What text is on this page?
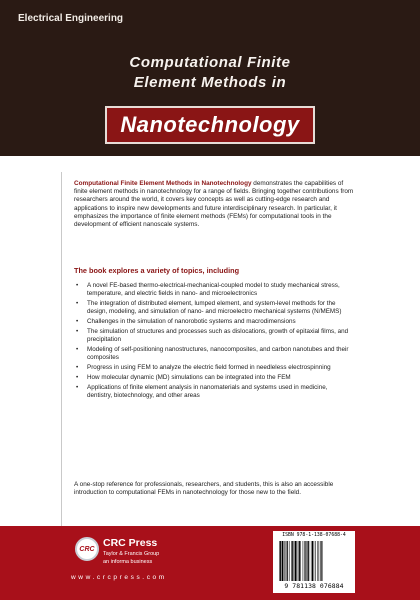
Electrical Engineering
Computational Finite
Element Methods in
Nanotechnology
Computational Finite Element Methods in Nanotechnology demonstrates the capabilities of finite element methods in nanotechnology for a range of fields. Bringing together contributions from researchers around the world, it covers key concepts as well as cutting-edge research and applications to inspire new developments and future interdisciplinary research. In particular, it emphasizes the importance of finite element methods (FEMs) for computational tools in the development of efficient nanoscale systems.
The book explores a variety of topics, including
• A novel FE-based thermo-electrical-mechanical-coupled model to study mechanical stress, temperature, and electric fields in nano- and microelectronics
• The integration of distributed element, lumped element, and system-level methods for the design, modeling, and simulation of nano- and microelectro mechanical systems (N/MEMS)
• Challenges in the simulation of nanorobotic systems and macrodimensions
• The simulation of structures and processes such as dislocations, growth of epitaxial films, and precipitation
• Modeling of self-positioning nanostructures, nanocomposites, and carbon nanotubes and their composites
• Progress in using FEM to analyze the electric field formed in needleless electrospinning
• How molecular dynamic (MD) simulations can be integrated into the FEM
• Applications of finite element analysis in nanomaterials and systems used in medicine, dentistry, biotechnology, and other areas
A one-stop reference for professionals, researchers, and students, this is also an accessible introduction to computational FEMs in nanotechnology for those new to the field.
CRC CRC Press
Taylor & Francis Group
an informa business
www.crcpress.com
ISBN 978-1-138-07688-4
9 781138 076884
